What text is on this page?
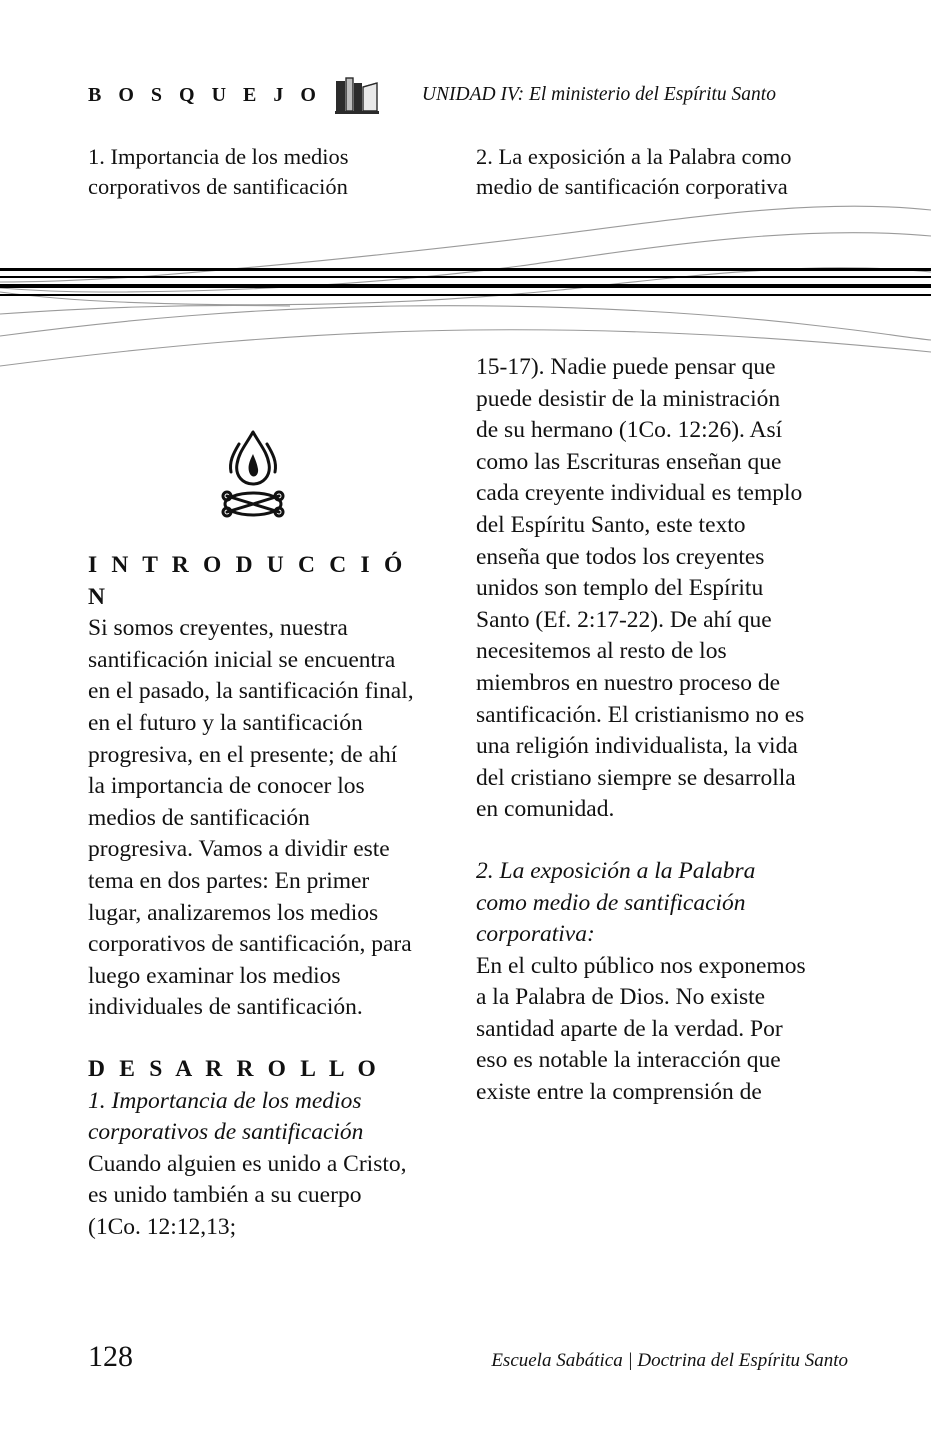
B O S Q U E J O	UNIDAD IV: El ministerio del Espíritu Santo
1. Importancia de los medios corporativos de santificación
2. La exposición a la Palabra como medio de santificación corporativa

I N T R O D U C C I Ó N

Si somos creyentes, nuestra santificación inicial se encuentra en el pasado, la santificación final, en el futuro y la santificación progresiva, en el presente; de ahí la importancia de conocer los medios de santificación progresiva. Vamos a dividir este tema en dos partes: En primer lugar, analizaremos los medios corporativos de santificación, para luego examinar los medios individuales de santificación.

D E S A R R O L L O

1. Importancia de los medios corporativos de santificación

Cuando alguien es unido a Cristo, es unido también a su cuerpo (1Co. 12:12,13;

15-17). Nadie puede pensar que puede desistir de la ministración de su hermano (1Co. 12:26). Así como las Escrituras enseñan que cada creyente individual es templo del Espíritu Santo, este texto enseña que todos los creyentes unidos son templo del Espíritu Santo (Ef. 2:17-22). De ahí que necesitemos al resto de los miembros en nuestro proceso de santificación. El cristianismo no es una religión individualista, la vida del cristiano siempre se desarrolla en comunidad.

2. La exposición a la Palabra como medio de santificación corporativa:

En el culto público nos exponemos a la Palabra de Dios. No existe santidad aparte de la verdad. Por eso es notable la interacción que existe entre la comprensión de

128	Escuela Sabática | Doctrina del Espíritu Santo
